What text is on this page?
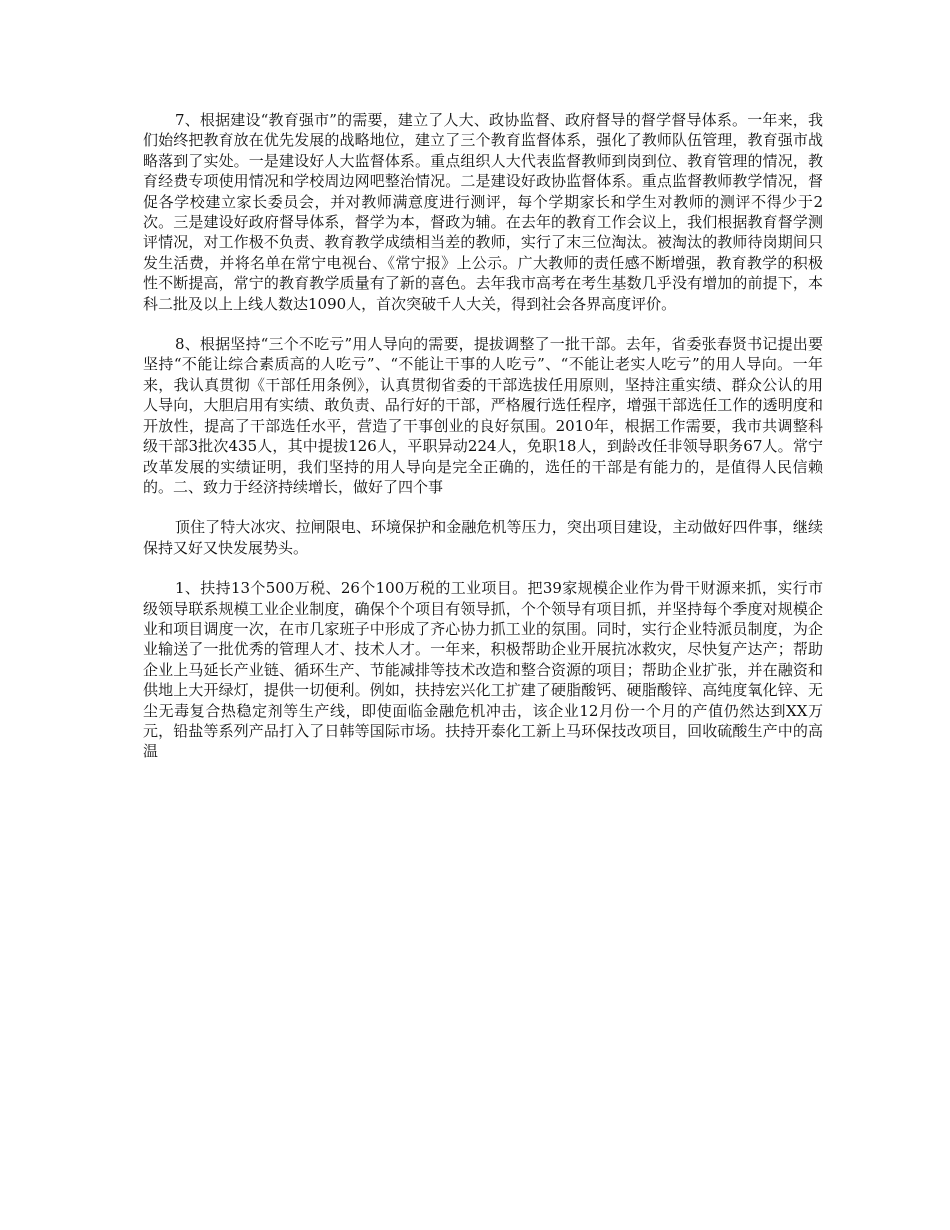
7、根据建设“教育强市”的需要，建立了人大、政协监督、政府督导的督学督导体系。一年来，我们始终把教育放在优先发展的战略地位，建立了三个教育监督体系，强化了教师队伍管理，教育强市战略落到了实处。一是建设好人大监督体系。重点组织人大代表监督教师到岗到位、教育管理的情况，教育经费专项使用情况和学校周边网吧整治情况。二是建设好政协监督体系。重点监督教师教学情况，督促各学校建立家长委员会，并对教师满意度进行测评，每个学期家长和学生对教师的测评不得少于2次。三是建设好政府督导体系，督学为本，督政为辅。在去年的教育工作会议上，我们根据教育督学测评情况，对工作极不负责、教育教学成绩相当差的教师，实行了末三位淘汰。被淘汰的教师待岗期间只发生活费，并将名单在常宁电视台、《常宁报》上公示。广大教师的责任感不断增强，教育教学的积极性不断提高，常宁的教育教学质量有了新的喜色。去年我市高考在考生基数几乎没有增加的前提下，本科二批及以上上线人数达1090人，首次突破千人大关，得到社会各界高度评价。

8、根据坚持“三个不吃亏”用人导向的需要，提拔调整了一批干部。去年，省委张春贤书记提出要坚持“不能让综合素质高的人吃亏”、“不能让干事的人吃亏”、“不能让老实人吃亏”的用人导向。一年来，我认真贯彻《干部任用条例》，认真贯彻省委的干部选拔任用原则，坚持注重实绩、群众公认的用人导向，大胆启用有实绩、敢负责、品行好的干部，严格履行选任程序，增强干部选任工作的透明度和开放性，提高了干部选任水平，营造了干事创业的良好氛围。2010年，根据工作需要，我市共调整科级干部3批次435人，其中提拔126人，平职异动224人，免职18人，到龄改任非领导职务67人。常宁改革发展的实绩证明，我们坚持的用人导向是完全正确的，选任的干部是有能力的，是值得人民信赖的。二、致力于经济持续增长，做好了四个事

顶住了特大冰灾、拉闸限电、环境保护和金融危机等压力，突出项目建设，主动做好四件事，继续保持又好又快发展势头。

1、扶持13个500万税、26个100万税的工业项目。把39家规模企业作为骨干财源来抓，实行市级领导联系规模工业企业制度，确保个个项目有领导抓，个个领导有项目抓，并坚持每个季度对规模企业和项目调度一次，在市几家班子中形成了齐心协力抓工业的氛围。同时，实行企业特派员制度，为企业输送了一批优秀的管理人才、技术人才。一年来，积极帮助企业开展抗冰救灾，尽快复产达产；帮助企业上马延长产业链、循环生产、节能减排等技术改造和整合资源的项目；帮助企业扩张，并在融资和供地上大开绿灯，提供一切便利。例如，扶持宏兴化工扩建了硬脂酸钙、硬脂酸锌、高纯度氧化锌、无尘无毒复合热稳定剂等生产线，即使面临金融危机冲击，该企业12月份一个月的产值仍然达到XX万元，铅盐等系列产品打入了日韩等国际市场。扶持开泰化工新上马环保技改项目，回收硫酸生产中的高温
